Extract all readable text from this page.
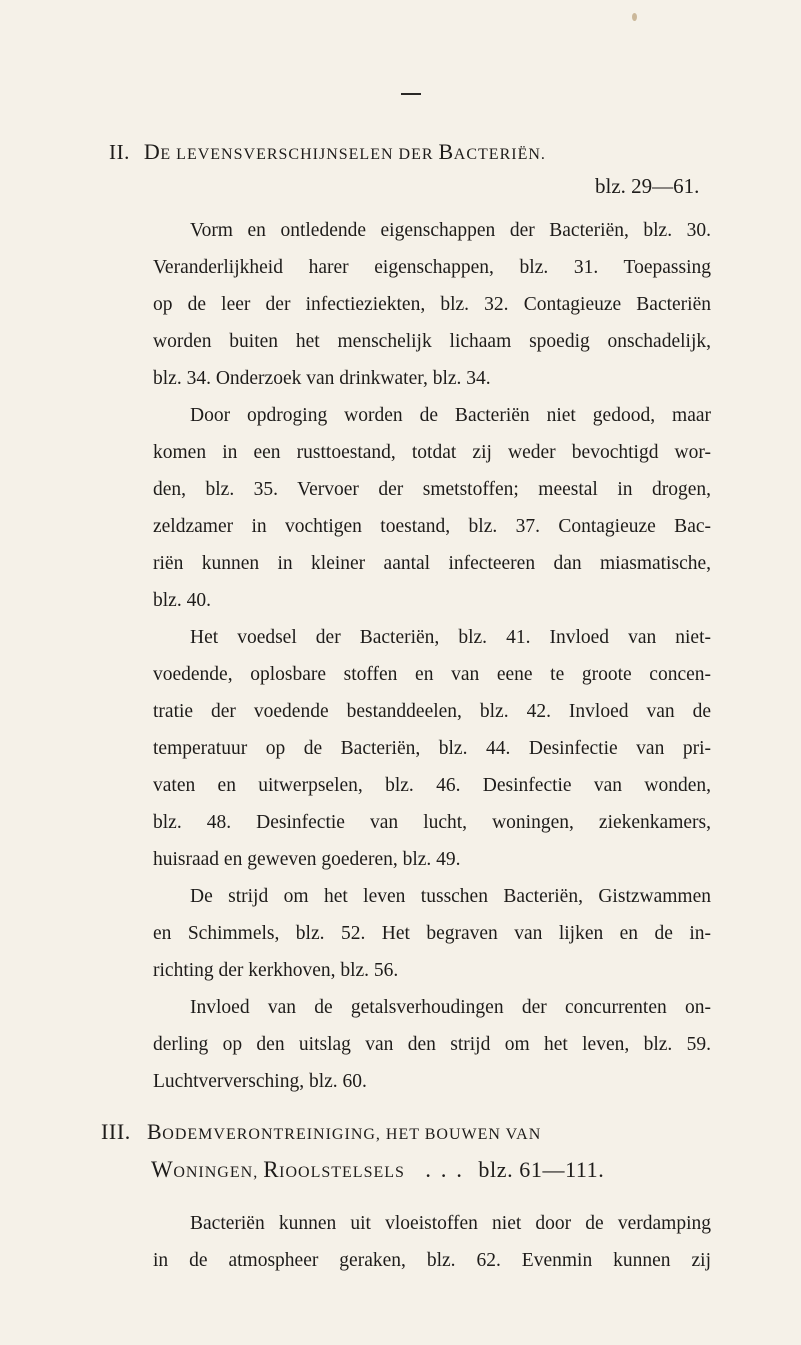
II. DE LEVENSVERSCHIJNSELEN DER BACTERIËN.
blz. 29—61.
Vorm en ontledende eigenschappen der Bacteriën, blz. 30.
Veranderlijkheid harer eigenschappen, blz. 31. Toepassing
op de leer der infectieziekten, blz. 32. Contagieuze Bacteriën
worden buiten het menschelijk lichaam spoedig onschadelijk,
blz. 34. Onderzoek van drinkwater, blz. 34.
Door opdroging worden de Bacteriën niet gedood, maar
komen in een rusttoestand, totdat zij weder bevochtigd wor-
den, blz. 35. Vervoer der smetstoffen; meestal in drogen,
zeldzamer in vochtigen toestand, blz. 37. Contagieuze Bac-
riën kunnen in kleiner aantal infecteeren dan miasmatische,
blz. 40.
Het voedsel der Bacteriën, blz. 41. Invloed van niet-
voedende, oplosbare stoffen en van eene te groote concen-
tratie der voedende bestanddeelen, blz. 42. Invloed van de
temperatuur op de Bacteriën, blz. 44. Desinfectie van pri-
vaten en uitwerpselen, blz. 46. Desinfectie van wonden,
blz. 48. Desinfectie van lucht, woningen, ziekenkamers,
huisraad en geweven goederen, blz. 49.
De strijd om het leven tusschen Bacteriën, Gistzwammen
en Schimmels, blz. 52. Het begraven van lijken en de in-
richting der kerkhoven, blz. 56.
Invloed van de getalsverhoudingen der concurrenten on-
derling op den uitslag van den strijd om het leven, blz. 59.
Luchtverversching, blz. 60.
III. BODEMVERONTREINIGING, HET BOUWEN VAN
WONINGEN, RIOOLSTELSELS . . . blz. 61—111.
Bacteriën kunnen uit vloeistoffen niet door de verdamping
in de atmospheer geraken, blz. 62. Evenmin kunnen zij
